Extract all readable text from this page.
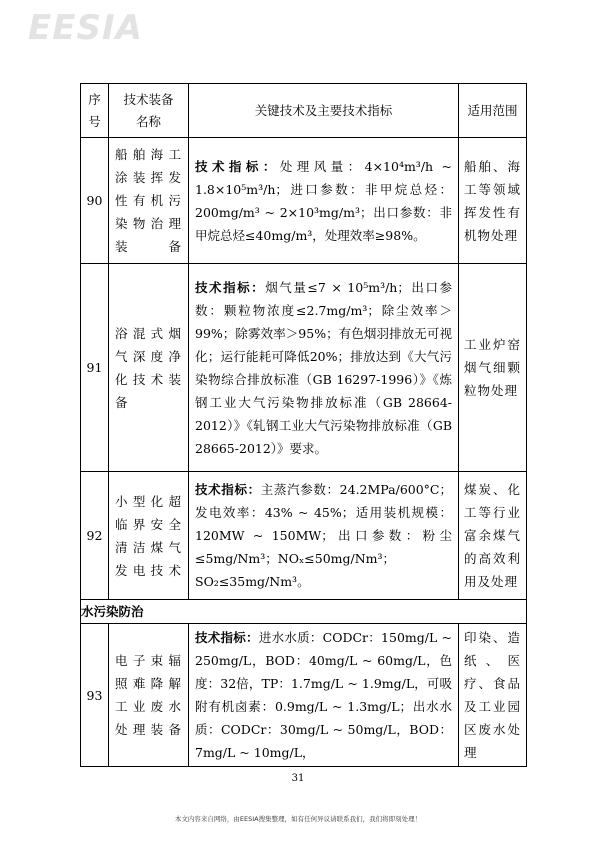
EESIA
序号	技术装备名称	关键技术及主要技术指标	适用范围
90	船舶海工涂装挥发性有机污染物治理装备	技术指标：处理风量：4×10⁴m³/h ~ 1.8×10⁵m³/h；进口参数：非甲烷总烃：200mg/m³ ~ 2×10³mg/m³；出口参数：非甲烷总烃≤40mg/m³，处理效率≥98%。	船舶、海工等领域挥发性有机物处理
91	浴混式烟气深度净化技术装备	技术指标：烟气量≤7 × 10⁵m³/h；出口参数：颗粒物浓度≤2.7mg/m³；除尘效率＞99%；除雾效率＞95%；有色烟羽排放无可视化；运行能耗可降低20%；排放达到《大气污染物综合排放标准（GB 16297-1996）》《炼钢工业大气污染物排放标准（GB 28664-2012）》《轧钢工业大气污染物排放标准（GB 28665-2012）》要求。	工业炉窑烟气细颗粒物处理
92	小型化超临界安全清洁煤气发电技术	技术指标：主蒸汽参数：24.2MPa/600°C；发电效率：43% ~ 45%；适用装机规模：120MW ~ 150MW；出口参数：粉尘≤5mg/Nm³；NOₓ≤50mg/Nm³；SO₂≤35mg/Nm³。	煤炭、化工等行业富余煤气的高效利用及处理
水污染防治			
93	电子束辐照难降解工业废水处理装备	技术指标：进水水质：CODCr：150mg/L ~ 250mg/L，BOD：40mg/L ~ 60mg/L，色度：32倍，TP：1.7mg/L ~ 1.9mg/L，可吸附有机卤素：0.9mg/L ~ 1.3mg/L；出水水质：CODCr：30mg/L ~ 50mg/L，BOD：7mg/L ~ 10mg/L，	印染、造纸、医疗、食品及工业园区废水处理
31
本文内容来自网络，由EESIA搜集整理，如有任何异议请联系我们，我们将即刻处理！
